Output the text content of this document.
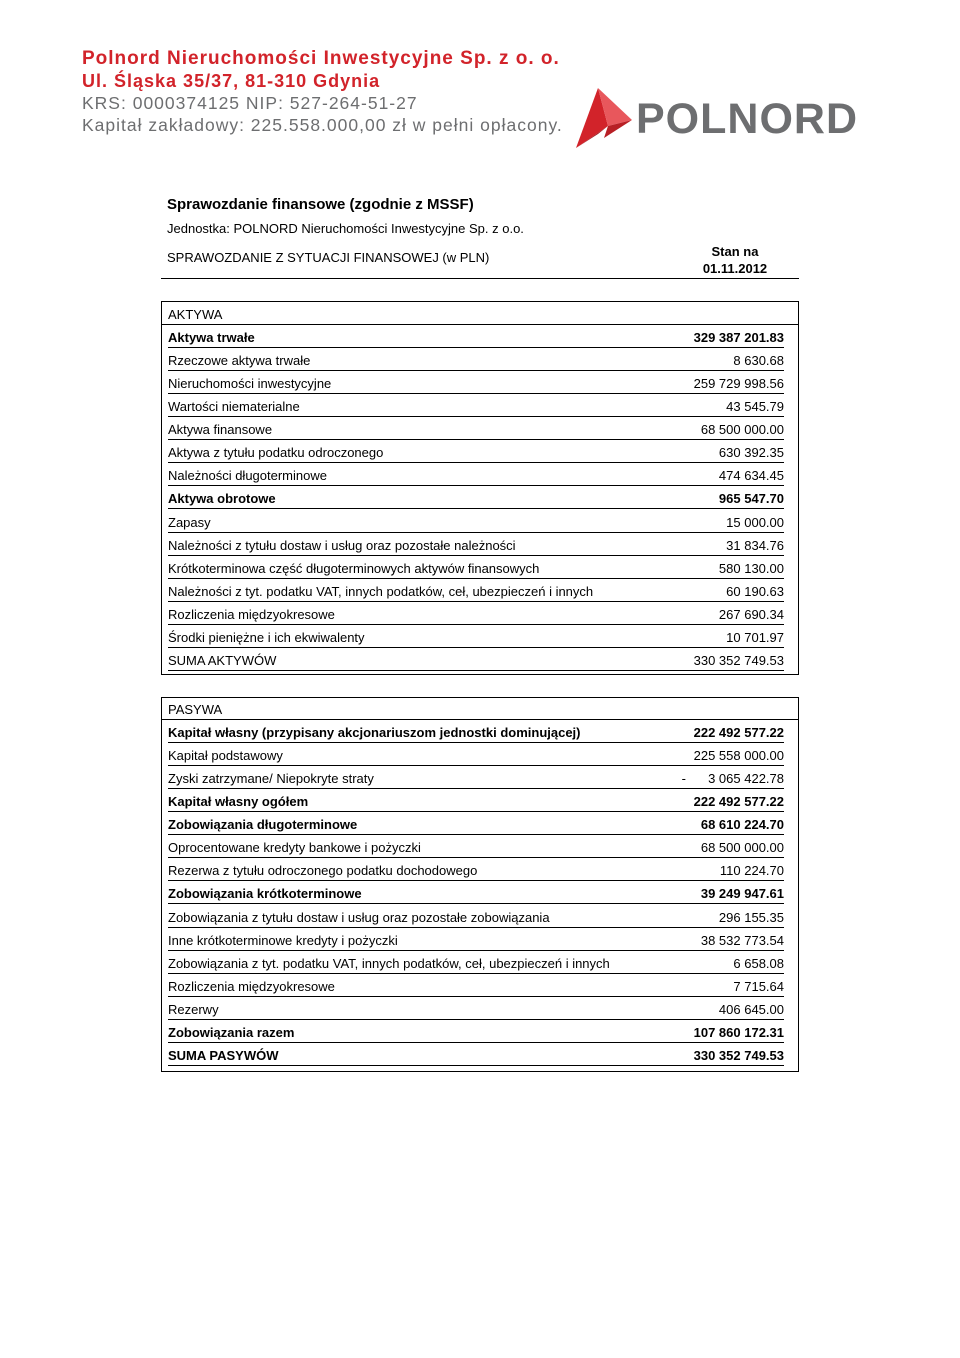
Polnord Nieruchomości Inwestycyjne Sp. z o. o.
Ul. Śląska 35/37, 81-310 Gdynia
KRS: 0000374125 NIP: 527-264-51-27
Kapitał zakładowy: 225.558.000,00 zł w pełni opłacony. POLNORD
Sprawozdanie finansowe (zgodnie z MSSF)
Jednostka: POLNORD Nieruchomości Inwestycyjne Sp. z o.o.
SPRAWOZDANIE Z SYTUACJI FINANSOWEJ (w PLN)	Stan na
01.11.2012
AKTYWA
Aktywa trwałe	329 387 201.83
Rzeczowe aktywa trwałe	8 630.68
Nieruchomości inwestycyjne	259 729 998.56
Wartości niematerialne	43 545.79
Aktywa finansowe	68 500 000.00
Aktywa z tytułu podatku odroczonego	630 392.35
Należności długoterminowe	474 634.45
Aktywa obrotowe	965 547.70
Zapasy	15 000.00
Należności z tytułu dostaw i usług oraz pozostałe należności	31 834.76
Krótkoterminowa część długoterminowych aktywów finansowych	580 130.00
Należności z tyt. podatku VAT, innych podatków, ceł, ubezpieczeń i innych	60 190.63
Rozliczenia międzyokresowe	267 690.34
Środki pieniężne i ich ekwiwalenty	10 701.97
SUMA AKTYWÓW	330 352 749.53
PASYWA
Kapitał własny (przypisany akcjonariuszom jednostki dominującej)	222 492 577.22
Kapitał podstawowy	225 558 000.00
Zyski zatrzymane/ Niepokryte straty	- 3 065 422.78
Kapitał własny ogółem	222 492 577.22
Zobowiązania długoterminowe	68 610 224.70
Oprocentowane kredyty bankowe i pożyczki	68 500 000.00
Rezerwa z tytułu odroczonego podatku dochodowego	110 224.70
Zobowiązania krótkoterminowe	39 249 947.61
Zobowiązania z tytułu dostaw i usług oraz pozostałe zobowiązania	296 155.35
Inne krótkoterminowe kredyty i pożyczki	38 532 773.54
Zobowiązania z tyt. podatku VAT, innych podatków, ceł, ubezpieczeń i innych	6 658.08
Rozliczenia międzyokresowe	7 715.64
Rezerwy	406 645.00
Zobowiązania razem	107 860 172.31
SUMA PASYWÓW	330 352 749.53
